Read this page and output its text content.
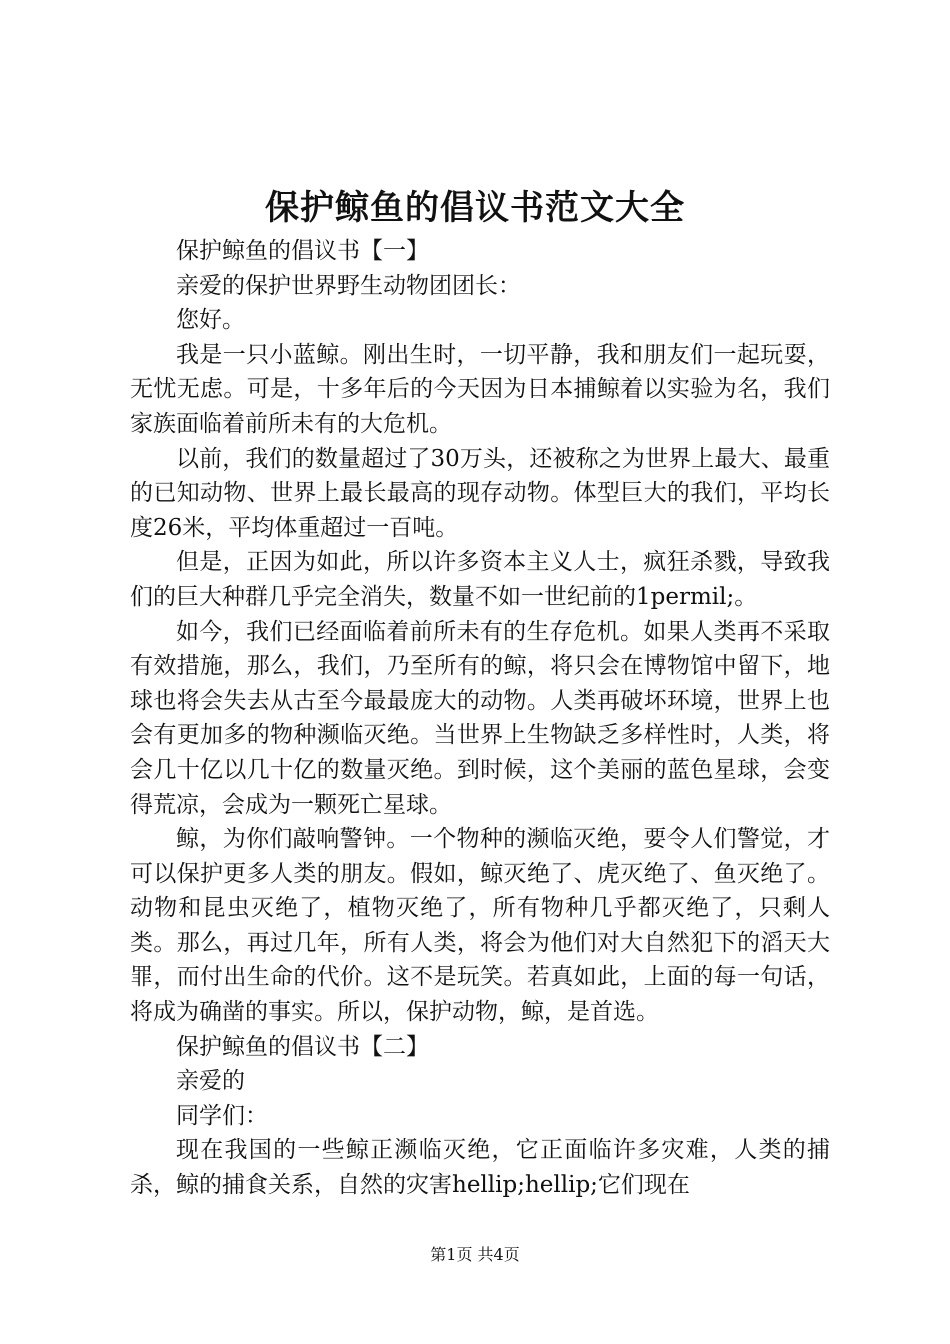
保护鲸鱼的倡议书范文大全

保护鲸鱼的倡议书【一】

亲爱的保护世界野生动物团团长：

您好。

我是一只小蓝鲸。刚出生时，一切平静，我和朋友们一起玩耍，无忧无虑。可是，十多年后的今天因为日本捕鲸着以实验为名，我们家族面临着前所未有的大危机。

以前，我们的数量超过了30万头，还被称之为世界上最大、最重的已知动物、世界上最长最高的现存动物。体型巨大的我们，平均长度26米，平均体重超过一百吨。

但是，正因为如此，所以许多资本主义人士，疯狂杀戮，导致我们的巨大种群几乎完全消失，数量不如一世纪前的1permil;。

如今，我们已经面临着前所未有的生存危机。如果人类再不采取有效措施，那么，我们，乃至所有的鲸，将只会在博物馆中留下，地球也将会失去从古至今最最庞大的动物。人类再破坏环境，世界上也会有更加多的物种濒临灭绝。当世界上生物缺乏多样性时，人类，将会几十亿以几十亿的数量灭绝。到时候，这个美丽的蓝色星球，会变得荒凉，会成为一颗死亡星球。

鲸，为你们敲响警钟。一个物种的濒临灭绝，要令人们警觉，才可以保护更多人类的朋友。假如，鲸灭绝了、虎灭绝了、鱼灭绝了。动物和昆虫灭绝了，植物灭绝了，所有物种几乎都灭绝了，只剩人类。那么，再过几年，所有人类，将会为他们对大自然犯下的滔天大罪，而付出生命的代价。这不是玩笑。若真如此，上面的每一句话，将成为确凿的事实。所以，保护动物，鲸，是首选。

保护鲸鱼的倡议书【二】

亲爱的

同学们：

现在我国的一些鲸正濒临灭绝，它正面临许多灾难，人类的捕杀，鲸的捕食关系，自然的灾害hellip;hellip;它们现在

第1页 共4页
